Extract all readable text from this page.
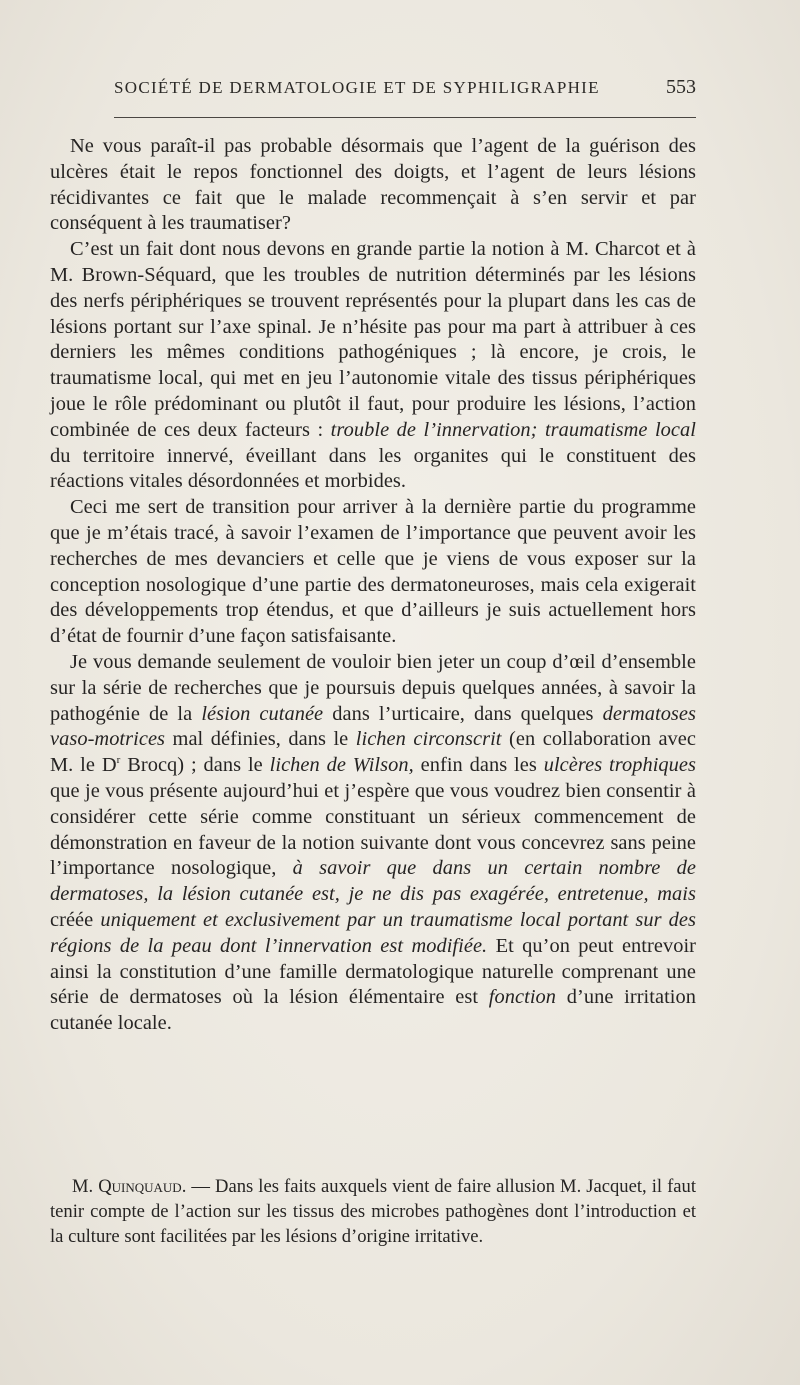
SOCIÉTÉ DE DERMATOLOGIE ET DE SYPHILIGRAPHIE	553

Ne vous paraît-il pas probable désormais que l’agent de la guérison des ulcères était le repos fonctionnel des doigts, et l’agent de leurs lésions récidivantes ce fait que le malade recommençait à s’en servir et par conséquent à les traumatiser?

C’est un fait dont nous devons en grande partie la notion à M. Charcot et à M. Brown-Séquard, que les troubles de nutrition déterminés par les lésions des nerfs périphériques se trouvent représentés pour la plupart dans les cas de lésions portant sur l’axe spinal. Je n’hésite pas pour ma part à attribuer à ces derniers les mêmes conditions pathogéniques ; là encore, je crois, le traumatisme local, qui met en jeu l’autonomie vitale des tissus périphériques joue le rôle prédominant ou plutôt il faut, pour produire les lésions, l’action combinée de ces deux facteurs : trouble de l’innervation; traumatisme local du territoire innervé, éveillant dans les organites qui le constituent des réactions vitales désordonnées et morbides.

Ceci me sert de transition pour arriver à la dernière partie du programme que je m’étais tracé, à savoir l’examen de l’importance que peuvent avoir les recherches de mes devanciers et celle que je viens de vous exposer sur la conception nosologique d’une partie des dermatoneuroses, mais cela exigerait des développements trop étendus, et que d’ailleurs je suis actuellement hors d’état de fournir d’une façon satisfaisante.

Je vous demande seulement de vouloir bien jeter un coup d’œil d’ensemble sur la série de recherches que je poursuis depuis quelques années, à savoir la pathogénie de la lésion cutanée dans l’urticaire, dans quelques dermatoses vaso-motrices mal définies, dans le lichen circonscrit (en collaboration avec M. le $D^r$ Brocq) ; dans le lichen de Wilson, enfin dans les ulcères trophiques que je vous présente aujourd’hui et j’espère que vous voudrez bien consentir à considérer cette série comme constituant un sérieux commencement de démonstration en faveur de la notion suivante dont vous concevrez sans peine l’importance nosologique, à savoir que dans un certain nombre de dermatoses, la lésion cutanée est, je ne dis pas exagérée, entretenue, mais créée uniquement et exclusivement par un traumatisme local portant sur des régions de la peau dont l’innervation est modifiée. Et qu’on peut entrevoir ainsi la constitution d’une famille dermatologique naturelle comprenant une série de dermatoses où la lésion élémentaire est fonction d’une irritation cutanée locale.

M. Quinquaud. — Dans les faits auxquels vient de faire allusion M. Jacquet, il faut tenir compte de l’action sur les tissus des microbes pathogènes dont l’introduction et la culture sont facilitées par les lésions d’origine irritative.
